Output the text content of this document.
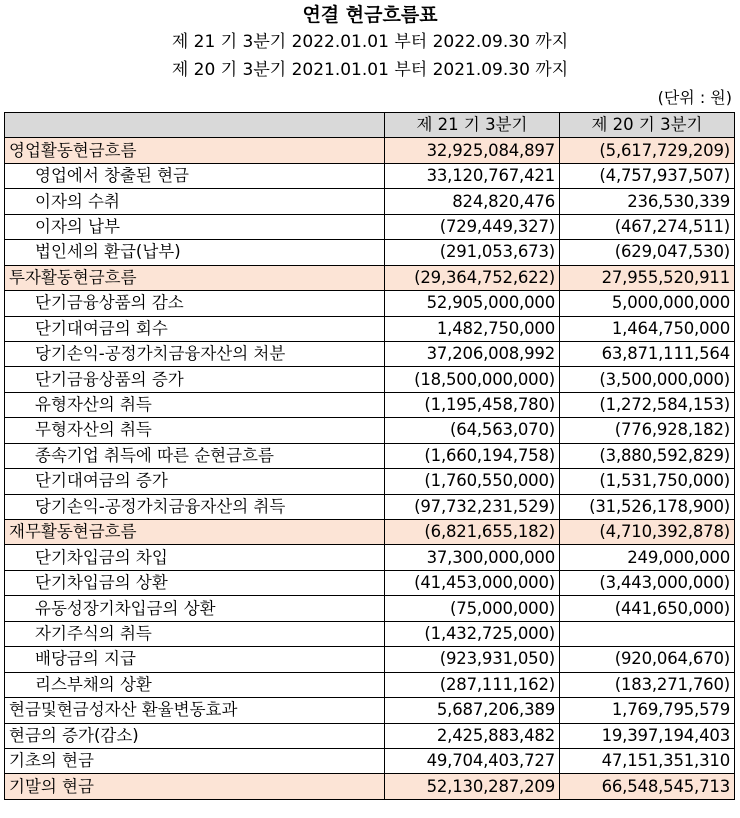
연결 현금흐름표
제 21 기 3분기 2022.01.01 부터 2022.09.30 까지
제 20 기 3분기 2021.01.01 부터 2021.09.30 까지
(단위 : 원)
	제 21 기 3분기	제 20 기 3분기
영업활동현금흐름	32,925,084,897	(5,617,729,209)
영업에서 창출된 현금	33,120,767,421	(4,757,937,507)
이자의 수취	824,820,476	236,530,339
이자의 납부	(729,449,327)	(467,274,511)
법인세의 환급(납부)	(291,053,673)	(629,047,530)
투자활동현금흐름	(29,364,752,622)	27,955,520,911
단기금융상품의 감소	52,905,000,000	5,000,000,000
단기대여금의 회수	1,482,750,000	1,464,750,000
당기손익-공정가치금융자산의 처분	37,206,008,992	63,871,111,564
단기금융상품의 증가	(18,500,000,000)	(3,500,000,000)
유형자산의 취득	(1,195,458,780)	(1,272,584,153)
무형자산의 취득	(64,563,070)	(776,928,182)
종속기업 취득에 따른 순현금흐름	(1,660,194,758)	(3,880,592,829)
단기대여금의 증가	(1,760,550,000)	(1,531,750,000)
당기손익-공정가치금융자산의 취득	(97,732,231,529)	(31,526,178,900)
재무활동현금흐름	(6,821,655,182)	(4,710,392,878)
단기차입금의 차입	37,300,000,000	249,000,000
단기차입금의 상환	(41,453,000,000)	(3,443,000,000)
유동성장기차입금의 상환	(75,000,000)	(441,650,000)
자기주식의 취득	(1,432,725,000)	
배당금의 지급	(923,931,050)	(920,064,670)
리스부채의 상환	(287,111,162)	(183,271,760)
현금및현금성자산 환율변동효과	5,687,206,389	1,769,795,579
현금의 증가(감소)	2,425,883,482	19,397,194,403
기초의 현금	49,704,403,727	47,151,351,310
기말의 현금	52,130,287,209	66,548,545,713
